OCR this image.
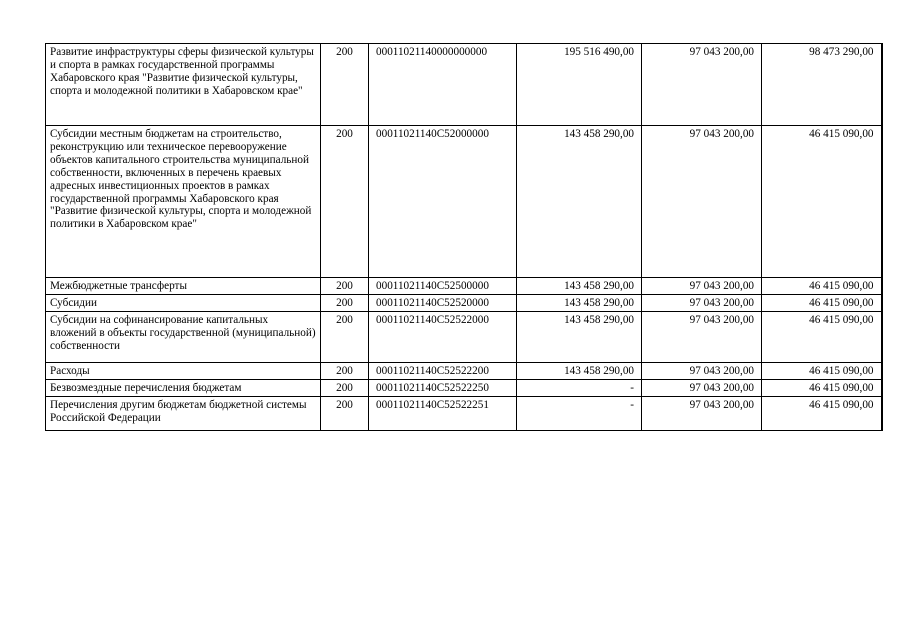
Развитие инфраструктуры сферы физической культуры и спорта в рамках государственной программы Хабаровского края "Развитие физической культуры, спорта и молодежной политики в Хабаровском крае"	200	00011021140000000000	195 516 490,00	97 043 200,00	98 473 290,00
Субсидии местным бюджетам на строительство, реконструкцию или техническое перевооружение объектов капитального строительства муниципальной собственности, включенных в перечень краевых адресных инвестиционных проектов в рамках государственной программы Хабаровского края "Развитие физической культуры, спорта и молодежной политики в Хабаровском крае"	200	00011021140C52000000	143 458 290,00	97 043 200,00	46 415 090,00
Межбюджетные трансферты	200	00011021140C52500000	143 458 290,00	97 043 200,00	46 415 090,00
Субсидии	200	00011021140C52520000	143 458 290,00	97 043 200,00	46 415 090,00
Субсидии на софинансирование капитальных вложений в объекты государственной (муниципальной) собственности	200	00011021140C52522000	143 458 290,00	97 043 200,00	46 415 090,00
Расходы	200	00011021140C52522200	143 458 290,00	97 043 200,00	46 415 090,00
Безвозмездные перечисления бюджетам	200	00011021140C52522250	-	97 043 200,00	46 415 090,00
Перечисления другим бюджетам бюджетной системы Российской Федерации	200	00011021140C52522251	-	97 043 200,00	46 415 090,00
